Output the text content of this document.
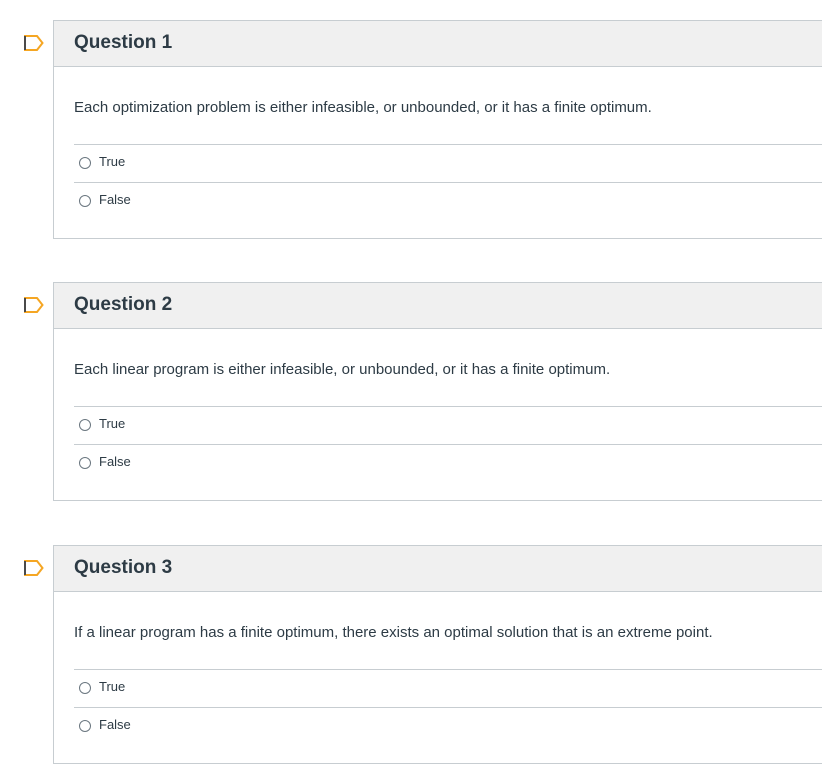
Question 1
Each optimization problem is either infeasible, or unbounded, or it has a finite optimum.
True
False
Question 2
Each linear program is either infeasible, or unbounded, or it has a finite optimum.
True
False
Question 3
If a linear program has a finite optimum, there exists an optimal solution that is an extreme point.
True
False
